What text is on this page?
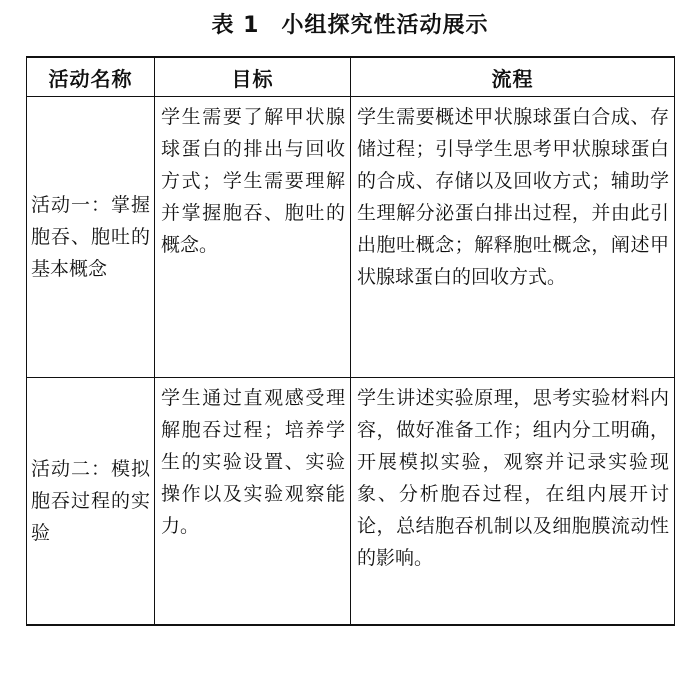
表 1 小组探究性活动展示
活动名称	目标	流程
活动一：掌握胞吞、胞吐的基本概念	学生需要了解甲状腺球蛋白的排出与回收方式；学生需要理解并掌握胞吞、胞吐的概念。	学生需要概述甲状腺球蛋白合成、存储过程；引导学生思考甲状腺球蛋白的合成、存储以及回收方式；辅助学生理解分泌蛋白排出过程，并由此引出胞吐概念；解释胞吐概念，阐述甲状腺球蛋白的回收方式。
活动二：模拟胞吞过程的实验	学生通过直观感受理解胞吞过程；培养学生的实验设置、实验操作以及实验观察能力。	学生讲述实验原理，思考实验材料内容，做好准备工作；组内分工明确，开展模拟实验，观察并记录实验现象、分析胞吞过程，在组内展开讨论，总结胞吞机制以及细胞膜流动性的影响。
